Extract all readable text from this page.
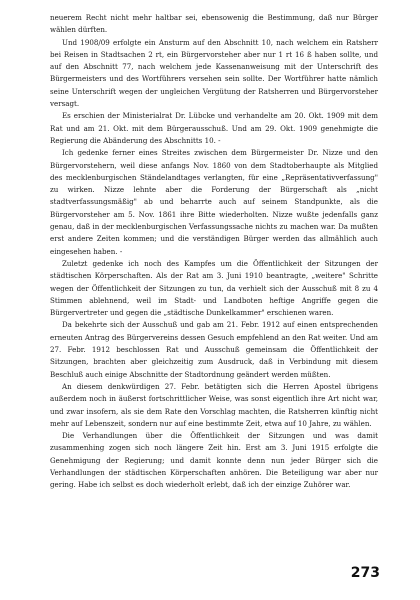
neuerem Recht nicht mehr haltbar sei, ebensowenig die Bestimmung, daß nur Bürger wählen dürften.

Und 1908/09 erfolgte ein Ansturm auf den Abschnitt 10, nach welchem ein Ratsherr bei Reisen in Stadtsachen 2 rt, ein Bürgervorsteher aber nur 1 rt 16 ß haben sollte, und auf den Abschnitt 77, nach welchem jede Kassenanweisung mit der Unterschrift des Bürgermeisters und des Wortführers versehen sein sollte. Der Wortführer hatte nämlich seine Unterschrift wegen der ungleichen Vergütung der Ratsherren und Bürgervorsteher versagt.

Es erschien der Ministerialrat Dr. Lübcke und verhandelte am 20. Okt. 1909 mit dem Rat und am 21. Okt. mit dem Bürgerausschuß. Und am 29. Okt. 1909 genehmigte die Regierung die Abänderung des Abschnitts 10. -

Ich gedenke ferner eines Streites zwischen dem Bürgermeister Dr. Nizze und den Bürgervorstehern, weil diese anfangs Nov. 1860 von dem Stadtoberhaupte als Mitglied des mecklenburgischen Ständelandtages verlangten, für eine „Repräsentativverfassung" zu wirken. Nizze lehnte aber die Forderung der Bürgerschaft als „nicht stadtverfassungsmäßig" ab und beharrte auch auf seinem Standpunkte, als die Bürgervorsteher am 5. Nov. 1861 ihre Bitte wiederholten. Nizze wußte jedenfalls ganz genau, daß in der mecklenburgischen Verfassungssache nichts zu machen war. Da mußten erst andere Zeiten kommen; und die verständigen Bürger werden das allmählich auch eingesehen haben. -

Zuletzt gedenke ich noch des Kampfes um die Öffentlichkeit der Sitzungen der städtischen Körperschaften. Als der Rat am 3. Juni 1910 beantragte, „weitere" Schritte wegen der Öffentlichkeit der Sitzungen zu tun, da verhielt sich der Ausschuß mit 8 zu 4 Stimmen ablehnend, weil im Stadt- und Landboten heftige Angriffe gegen die Bürgervertreter und gegen die „städtische Dunkelkammer" erschienen waren.

Da bekehrte sich der Ausschuß und gab am 21. Febr. 1912 auf einen entsprechenden erneuten Antrag des Bürgervereins dessen Gesuch empfehlend an den Rat weiter. Und am 27. Febr. 1912 beschlossen Rat und Ausschuß gemeinsam die Öffentlichkeit der Sitzungen, brachten aber gleichzeitig zum Ausdruck, daß in Verbindung mit diesem Beschluß auch einige Abschnitte der Stadtordnung geändert werden müßten.

An diesem denkwürdigen 27. Febr. betätigten sich die Herren Apostel übrigens außerdem noch in äußerst fortschrittlicher Weise, was sonst eigentlich ihre Art nicht war, und zwar insofern, als sie dem Rate den Vorschlag machten, die Ratsherren künftig nicht mehr auf Lebenszeit, sondern nur auf eine bestimmte Zeit, etwa auf 10 Jahre, zu wählen.

Die Verhandlungen über die Öffentlichkeit der Sitzungen und was damit zusammenhing zogen sich noch längere Zeit hin. Erst am 3. Juni 1915 erfolgte die Genehmigung der Regierung; und damit konnte denn nun jeder Bürger sich die Verhandlungen der städtischen Körperschaften anhören. Die Beteiligung war aber nur gering. Habe ich selbst es doch wiederholt erlebt, daß ich der einzige Zuhörer war.

273
